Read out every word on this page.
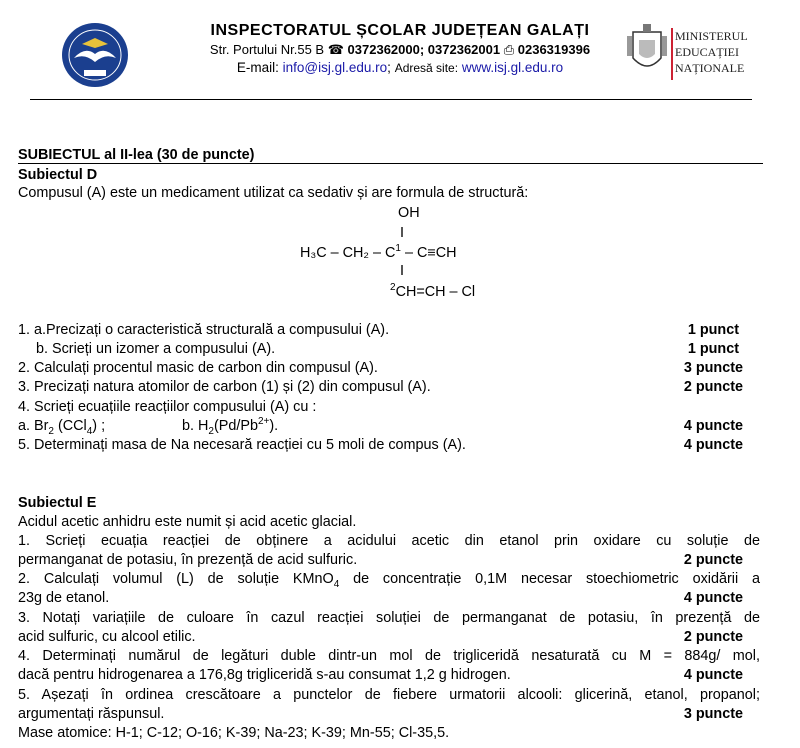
INSPECTORATUL ȘCOLAR JUDEȚEAN GALAȚI
Str. Portului Nr.55 B ☎ 0372362000; 0372362001 ⎙ 0236319396
E-mail: info@isj.gl.edu.ro; Adresă site: www.isj.gl.edu.ro
MINISTERUL
EDUCAȚIEI
NAȚIONALE
SUBIECTUL al II-lea (30 de puncte)
Subiectul D
Compusul (A) este un medicament utilizat ca sedativ și are formula de structură:
OH
I
$H_3C - CH_2 - C^1 - C\equiv CH$
I
$^2$CH=CH – Cl
1. a.Precizați o caracteristică structurală a compusului (A).	1 punct
b. Scrieți un izomer a compusului (A).	1 punct
2. Calculați procentul masic de carbon din compusul (A).	3 puncte
3. Precizați natura atomilor de carbon (1) și (2) din compusul (A).	2 puncte
4. Scrieți ecuațiile reacțiilor compusului (A) cu :
a. $Br_2$ (CCl$_4$) ;	b. $H_2(Pd/Pb^{2+})$.	4 puncte
5. Determinați masa de Na necesară reacției cu 5 moli de compus (A).	4 puncte
Subiectul E
Acidul acetic anhidru este numit și acid acetic glacial.
1. Scrieți ecuația reacției de obținere a acidului acetic din etanol prin oxidare cu soluție de
permanganat de potasiu, în prezență de acid sulfuric.	2 puncte
2. Calculați volumul (L) de soluție KMnO$_4$ de concentrație 0,1M necesar stoechiometric oxidării a
23g de etanol.	4 puncte
3. Notați variațiile de culoare în cazul reacției soluției de permanganat de potasiu, în prezență de
acid sulfuric, cu alcool etilic.	2 puncte
4. Determinați numărul de legături duble dintr-un mol de trigliceridă nesaturată cu M = 884g/ mol,
dacă pentru hidrogenarea a 176,8g trigliceridă s-au consumat 1,2 g hidrogen.	4 puncte
5. Așezați în ordinea crescătoare a punctelor de fiebere urmatorii alcooli: glicerină, etanol, propanol;
argumentați răspunsul.	3 puncte
Mase atomice: H-1; C-12; O-16; K-39; Na-23; K-39; Mn-55; Cl-35,5.
